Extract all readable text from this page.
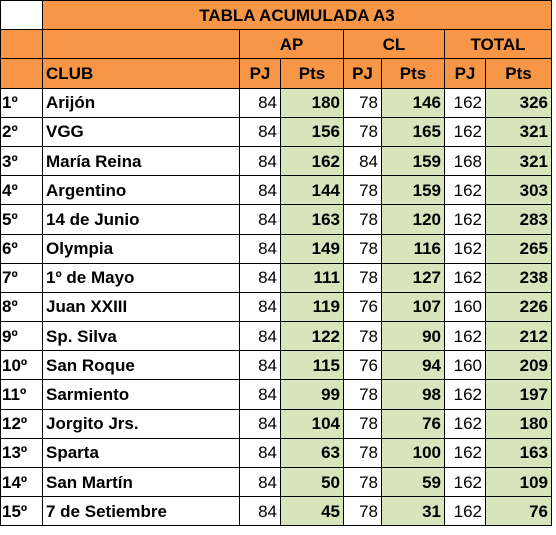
	TABLA ACUMULADA A3						
		AP		CL		TOTAL	
	CLUB	PJ	Pts	PJ	Pts	PJ	Pts
1º	Arijón	84	180	78	146	162	326
2º	VGG	84	156	78	165	162	321
3º	María Reina	84	162	84	159	168	321
4º	Argentino	84	144	78	159	162	303
5º	14 de Junio	84	163	78	120	162	283
6º	Olympia	84	149	78	116	162	265
7º	1º de Mayo	84	111	78	127	162	238
8º	Juan XXIII	84	119	76	107	160	226
9º	Sp. Silva	84	122	78	90	162	212
10º	San Roque	84	115	76	94	160	209
11º	Sarmiento	84	99	78	98	162	197
12º	Jorgito Jrs.	84	104	78	76	162	180
13º	Sparta	84	63	78	100	162	163
14º	San Martín	84	50	78	59	162	109
15º	7 de Setiembre	84	45	78	31	162	76
